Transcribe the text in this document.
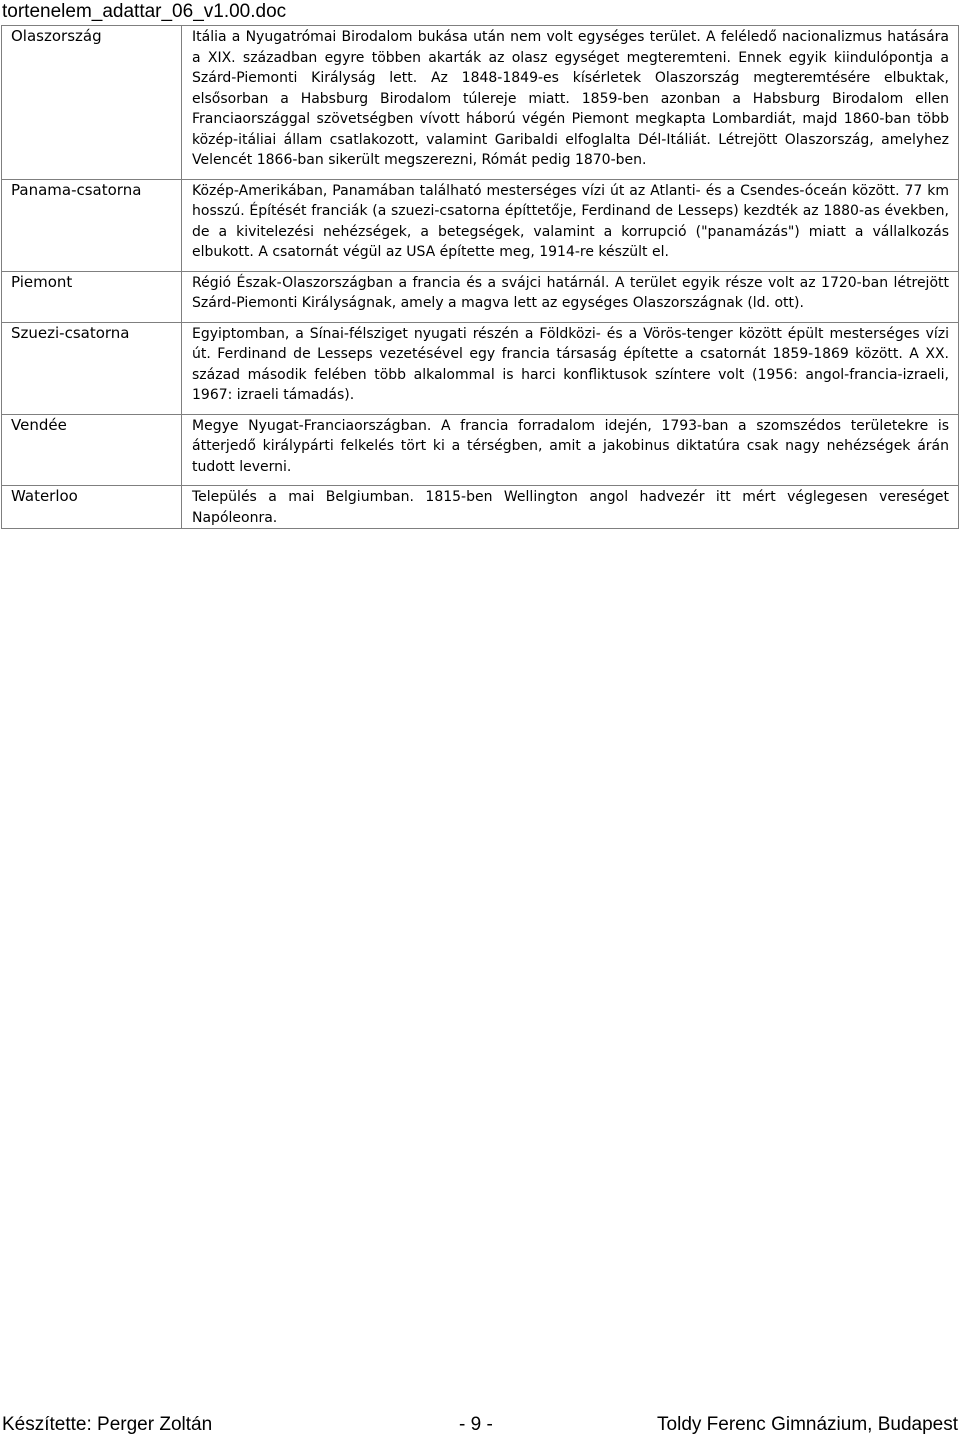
tortenelem_adattar_06_v1.00.doc
Olaszország	Itália a Nyugatrómai Birodalom bukása után nem volt egységes terület. A feléledő nacionalizmus hatására a XIX. században egyre többen akarták az olasz egységet megteremteni. Ennek egyik kiindulópontja a Szárd-Piemonti Királyság lett. Az 1848-1849-es kísérletek Olaszország megteremtésére elbuktak, elsősorban a Habsburg Birodalom túlereje miatt. 1859-ben azonban a Habsburg Birodalom ellen Franciaországgal szövetségben vívott háború végén Piemont megkapta Lombardiát, majd 1860-ban több közép-itáliai állam csatlakozott, valamint Garibaldi elfoglalta Dél-Itáliát. Létrejött Olaszország, amelyhez Velencét 1866-ban sikerült megszerezni, Rómát pedig 1870-ben.
Panama-csatorna	Közép-Amerikában, Panamában található mesterséges vízi út az Atlanti- és a Csendes-óceán között. 77 km hosszú. Építését franciák (a szuezi-csatorna építtetője, Ferdinand de Lesseps) kezdték az 1880-as években, de a kivitelezési nehézségek, a betegségek, valamint a korrupció ("panamázás") miatt a vállalkozás elbukott. A csatornát végül az USA építette meg, 1914-re készült el.
Piemont	Régió Észak-Olaszországban a francia és a svájci határnál. A terület egyik része volt az 1720-ban létrejött Szárd-Piemonti Királyságnak, amely a magva lett az egységes Olaszországnak (ld. ott).
Szuezi-csatorna	Egyiptomban, a Sínai-félsziget nyugati részén a Földközi- és a Vörös-tenger között épült mesterséges vízi út. Ferdinand de Lesseps vezetésével egy francia társaság építette a csatornát 1859-1869 között. A XX. század második felében több alkalommal is harci konfliktusok színtere volt (1956: angol-francia-izraeli, 1967: izraeli támadás).
Vendée	Megye Nyugat-Franciaországban. A francia forradalom idején, 1793-ban a szomszédos területekre is átterjedő királypárti felkelés tört ki a térségben, amit a jakobinus diktatúra csak nagy nehézségek árán tudott leverni.
Waterloo	Település a mai Belgiumban. 1815-ben Wellington angol hadvezér itt mért véglegesen vereséget Napóleonra.
Készítette: Perger Zoltán	- 9 -	Toldy Ferenc Gimnázium, Budapest
